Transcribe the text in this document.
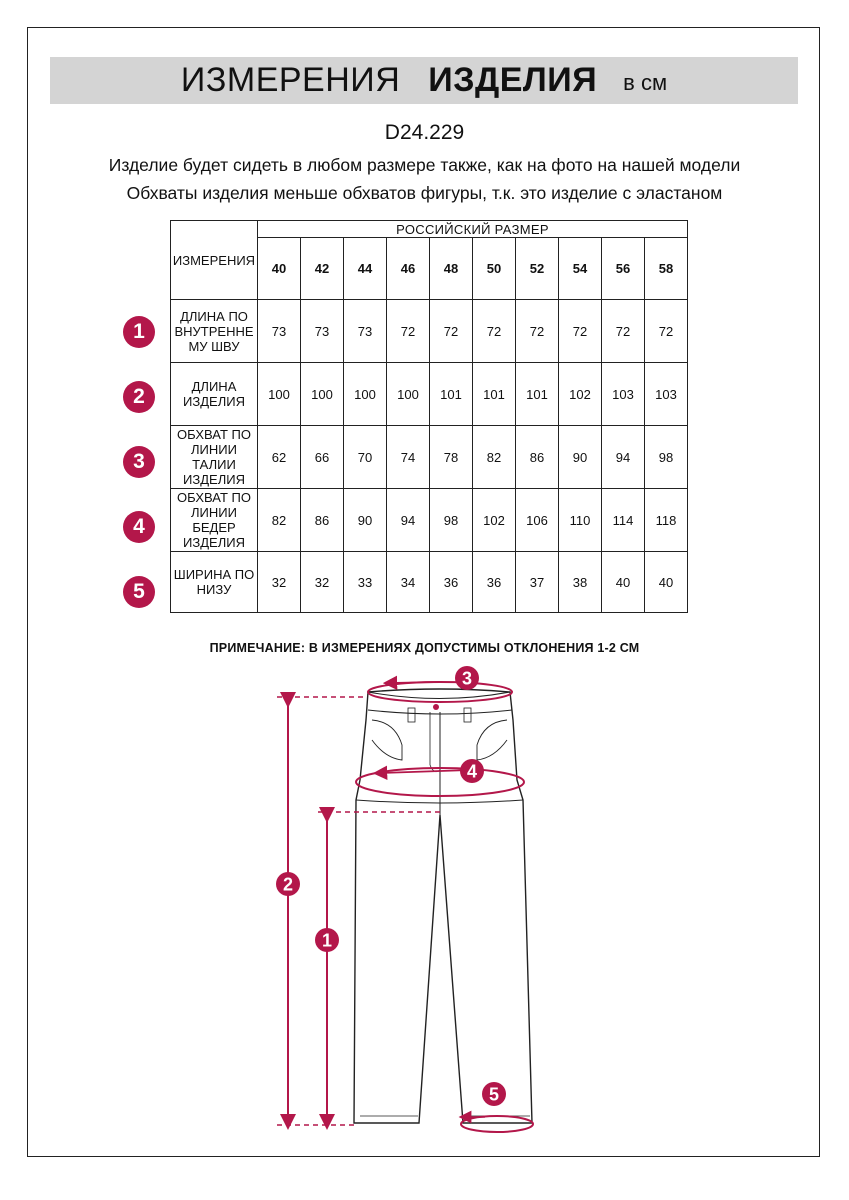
ИЗМЕРЕНИЯ ИЗДЕЛИЯ в см
D24.229
Изделие будет сидеть в любом размере также, как на фото на нашей модели
Обхваты изделия меньше обхватов фигуры, т.к. это изделие с эластаном
ИЗМЕРЕНИЯ	РОССИЙСКИЙ РАЗМЕР									
	40	42	44	46	48	50	52	54	56	58
ДЛИНА ПО ВНУТРЕННЕ МУ ШВУ	73	73	73	72	72	72	72	72	72	72
ДЛИНА ИЗДЕЛИЯ	100	100	100	100	101	101	101	102	103	103
ОБХВАТ ПО ЛИНИИ ТАЛИИ ИЗДЕЛИЯ	62	66	70	74	78	82	86	90	94	98
ОБХВАТ ПО ЛИНИИ БЕДЕР ИЗДЕЛИЯ	82	86	90	94	98	102	106	110	114	118
ШИРИНА ПО НИЗУ	32	32	33	34	36	36	37	38	40	40
1
2
3
4
5
ПРИМЕЧАНИЕ: В ИЗМЕРЕНИЯХ ДОПУСТИМЫ ОТКЛОНЕНИЯ 1-2 СМ
3
4
2
1
5
